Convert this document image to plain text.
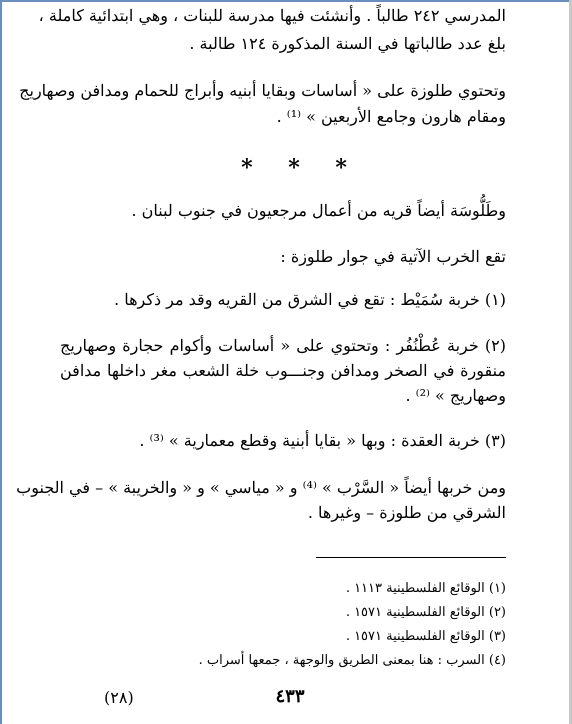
المدرسي ٢٤٢ طالباً . وأنشئت فيها مدرسة للبنات ، وهي ابتدائية كاملة ،
بلغ عدد طالباتها في السنة المذكورة ١٢٤ طالبة .
وتحتوي طلوزة على « أساسات وبقايا أبنيه وأبراج للحمام ومدافن وصهاريج
ومقام هارون وجامع الأربعين » ⁽¹⁾ .
* * *
وطَلُّوسَة أيضاً قريه من أعمال مرجعيون في جنوب لبنان .
تقع الخرب الآتية في جوار طلوزة :
(١) خربة سُمَيْط : تقع في الشرق من القريه وقد مر ذكرها .
(٢) خربة عُطْنُفُر : وتحتوي على « أساسات وأكوام حجارة وصهاريج
منقورة في الصخر ومدافن وجنـــوب خلة الشعب مغر داخلها مدافن
وصهاريج » ⁽²⁾ .
(٣) خربة العقدة : وبها « بقايا أبنية وقطع معمارية » ⁽³⁾ .
ومن خربها أيضاً « السَّرْب » ⁽⁴⁾ و « مياسي » و « والخريبة » – في الجنوب
الشرقي من طلوزة – وغيرها .
(١) الوقائع الفلسطينية ١١١٣ .
(٢) الوقائع الفلسطينية ١٥٧١ .
(٣) الوقائع الفلسطينية ١٥٧١ .
(٤) السرب : هنا بمعنى الطريق والوجهة ، جمعها أسراب .
(٢٨)	٤٣٣
